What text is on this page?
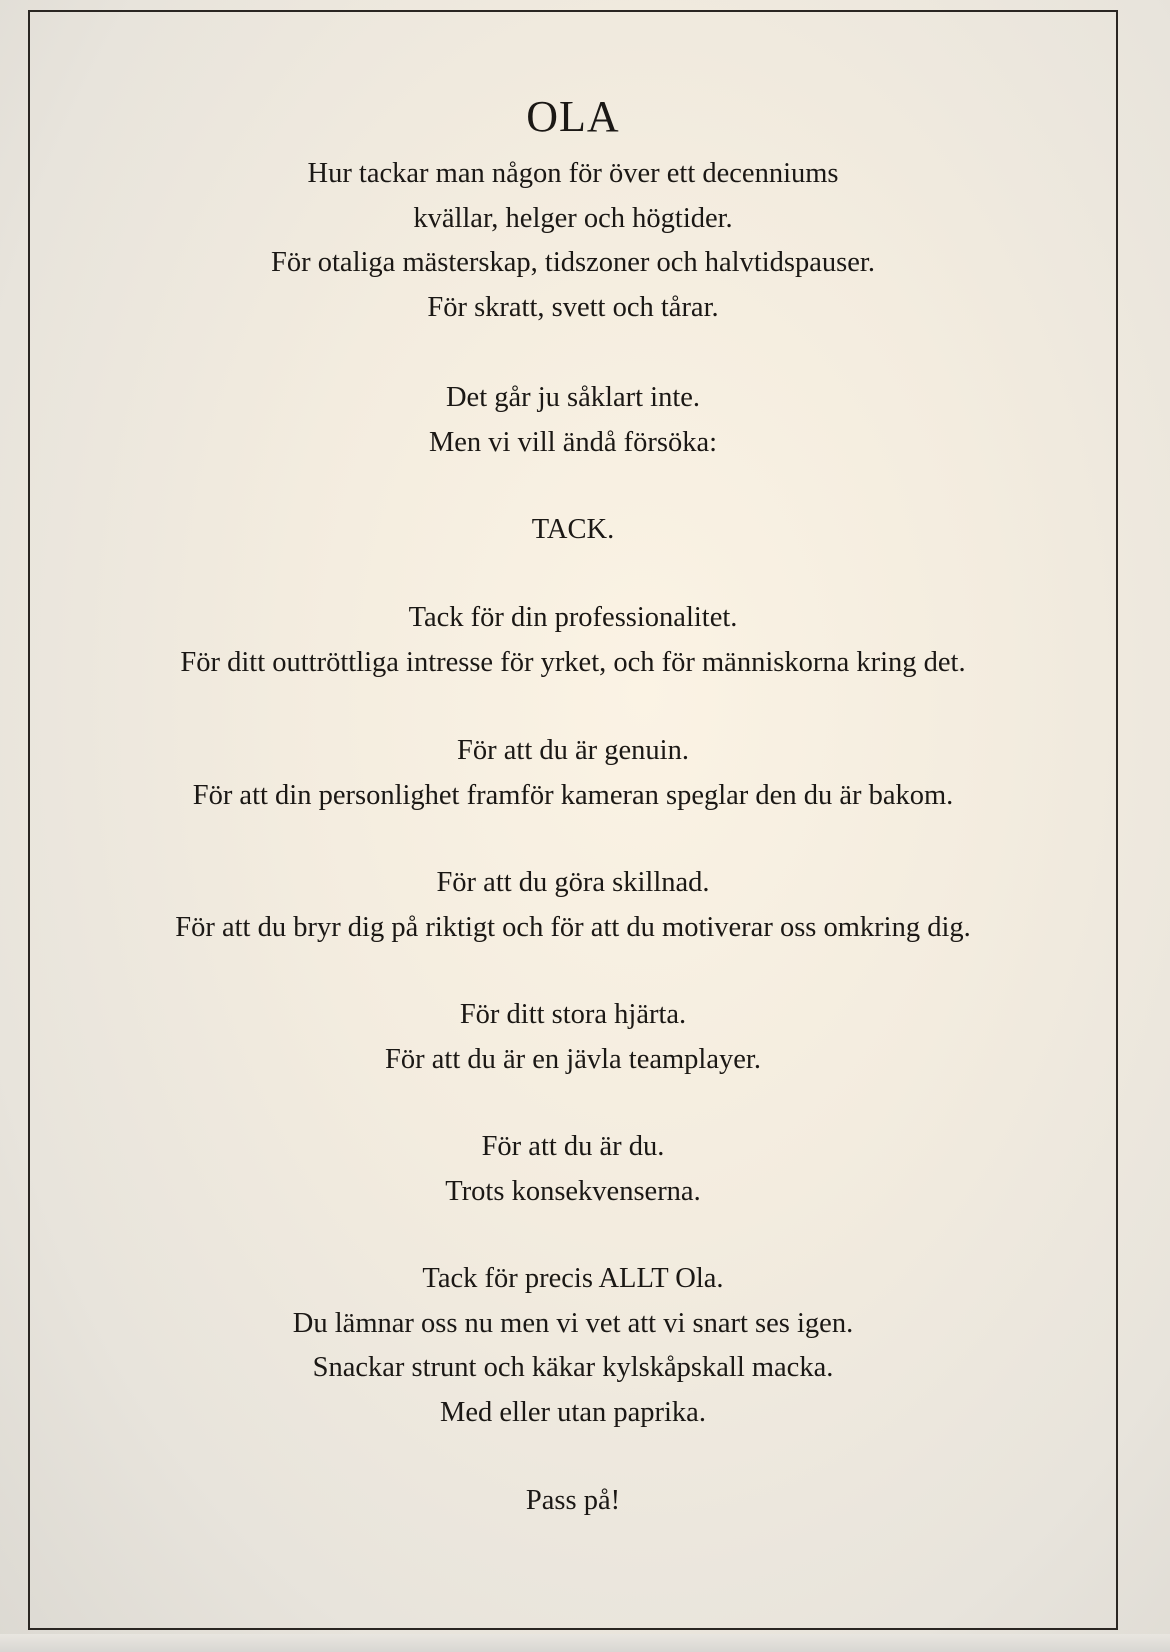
OLA
Hur tackar man någon för över ett decenniums
kvällar, helger och högtider.
För otaliga mästerskap, tidszoner och halvtidspauser.
För skratt, svett och tårar.
Det går ju såklart inte.
Men vi vill ändå försöka:
TACK.
Tack för din professionalitet.
För ditt outtröttliga intresse för yrket, och för människorna kring det.
För att du är genuin.
För att din personlighet framför kameran speglar den du är bakom.
För att du göra skillnad.
För att du bryr dig på riktigt och för att du motiverar oss omkring dig.
För ditt stora hjärta.
För att du är en jävla teamplayer.
För att du är du.
Trots konsekvenserna.
Tack för precis ALLT Ola.
Du lämnar oss nu men vi vet att vi snart ses igen.
Snackar strunt och käkar kylskåpskall macka.
Med eller utan paprika.
Pass på!
